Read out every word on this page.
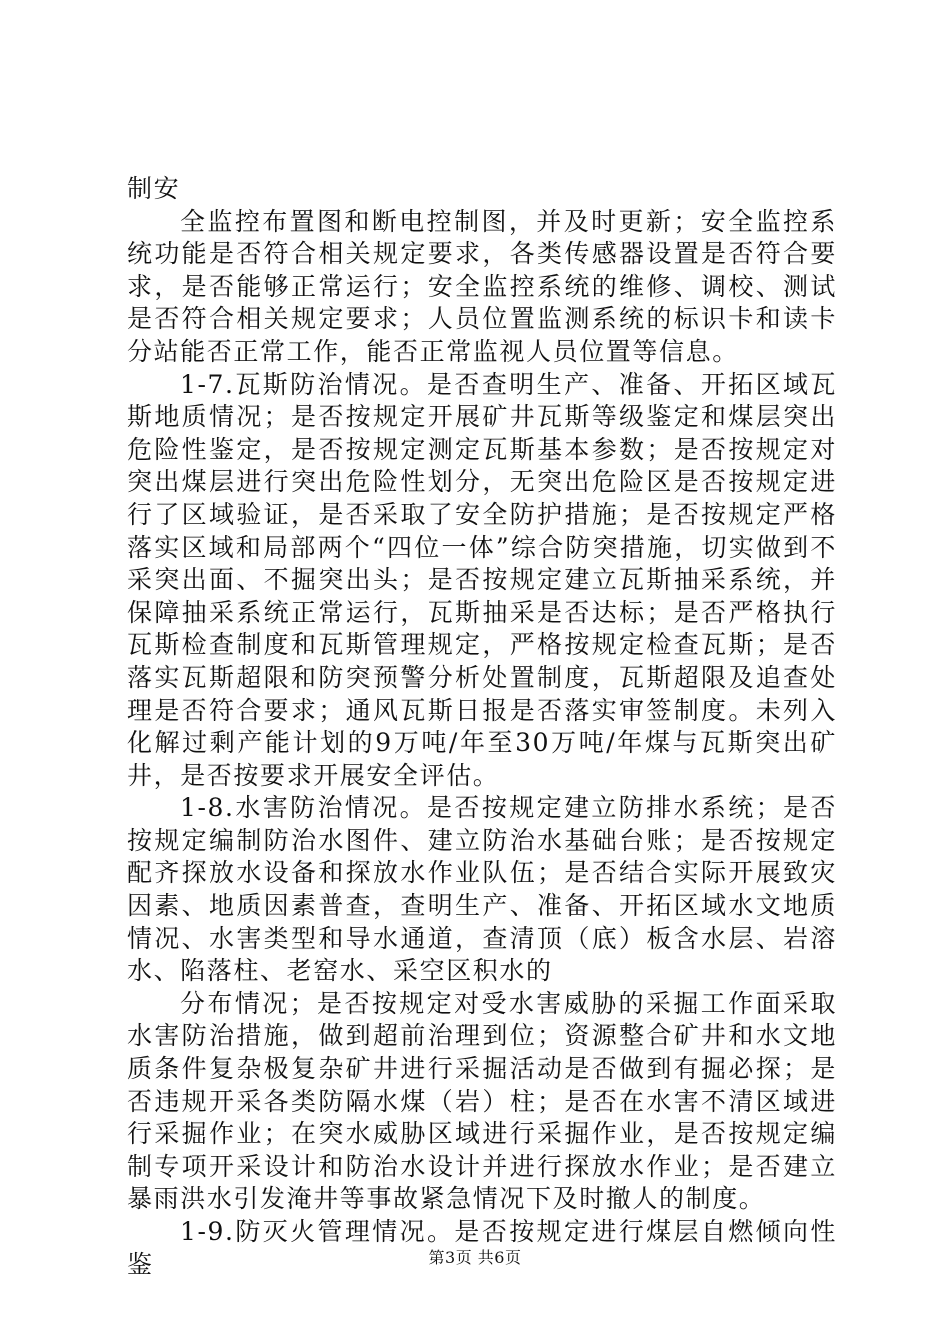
制安

全监控布置图和断电控制图，并及时更新；安全监控系统功能是否符合相关规定要求，各类传感器设置是否符合要求，是否能够正常运行；安全监控系统的维修、调校、测试是否符合相关规定要求；人员位置监测系统的标识卡和读卡分站能否正常工作，能否正常监视人员位置等信息。

1-7.瓦斯防治情况。是否查明生产、准备、开拓区域瓦斯地质情况；是否按规定开展矿井瓦斯等级鉴定和煤层突出危险性鉴定，是否按规定测定瓦斯基本参数；是否按规定对突出煤层进行突出危险性划分，无突出危险区是否按规定进行了区域验证，是否采取了安全防护措施；是否按规定严格落实区域和局部两个“四位一体”综合防突措施，切实做到不采突出面、不掘突出头；是否按规定建立瓦斯抽采系统，并保障抽采系统正常运行，瓦斯抽采是否达标；是否严格执行瓦斯检查制度和瓦斯管理规定，严格按规定检查瓦斯；是否落实瓦斯超限和防突预警分析处置制度，瓦斯超限及追查处理是否符合要求；通风瓦斯日报是否落实审签制度。未列入化解过剩产能计划的9万吨/年至30万吨/年煤与瓦斯突出矿井，是否按要求开展安全评估。

1-8.水害防治情况。是否按规定建立防排水系统；是否按规定编制防治水图件、建立防治水基础台账；是否按规定配齐探放水设备和探放水作业队伍；是否结合实际开展致灾因素、地质因素普查，查明生产、准备、开拓区域水文地质情况、水害类型和导水通道，查清顶（底）板含水层、岩溶水、陷落柱、老窑水、采空区积水的

分布情况；是否按规定对受水害威胁的采掘工作面采取水害防治措施，做到超前治理到位；资源整合矿井和水文地质条件复杂极复杂矿井进行采掘活动是否做到有掘必探；是否违规开采各类防隔水煤（岩）柱；是否在水害不清区域进行采掘作业；在突水威胁区域进行采掘作业，是否按规定编制专项开采设计和防治水设计并进行探放水作业；是否建立暴雨洪水引发淹井等事故紧急情况下及时撤人的制度。

1-9.防灭火管理情况。是否按规定进行煤层自燃倾向性鉴	第3页 共6页
